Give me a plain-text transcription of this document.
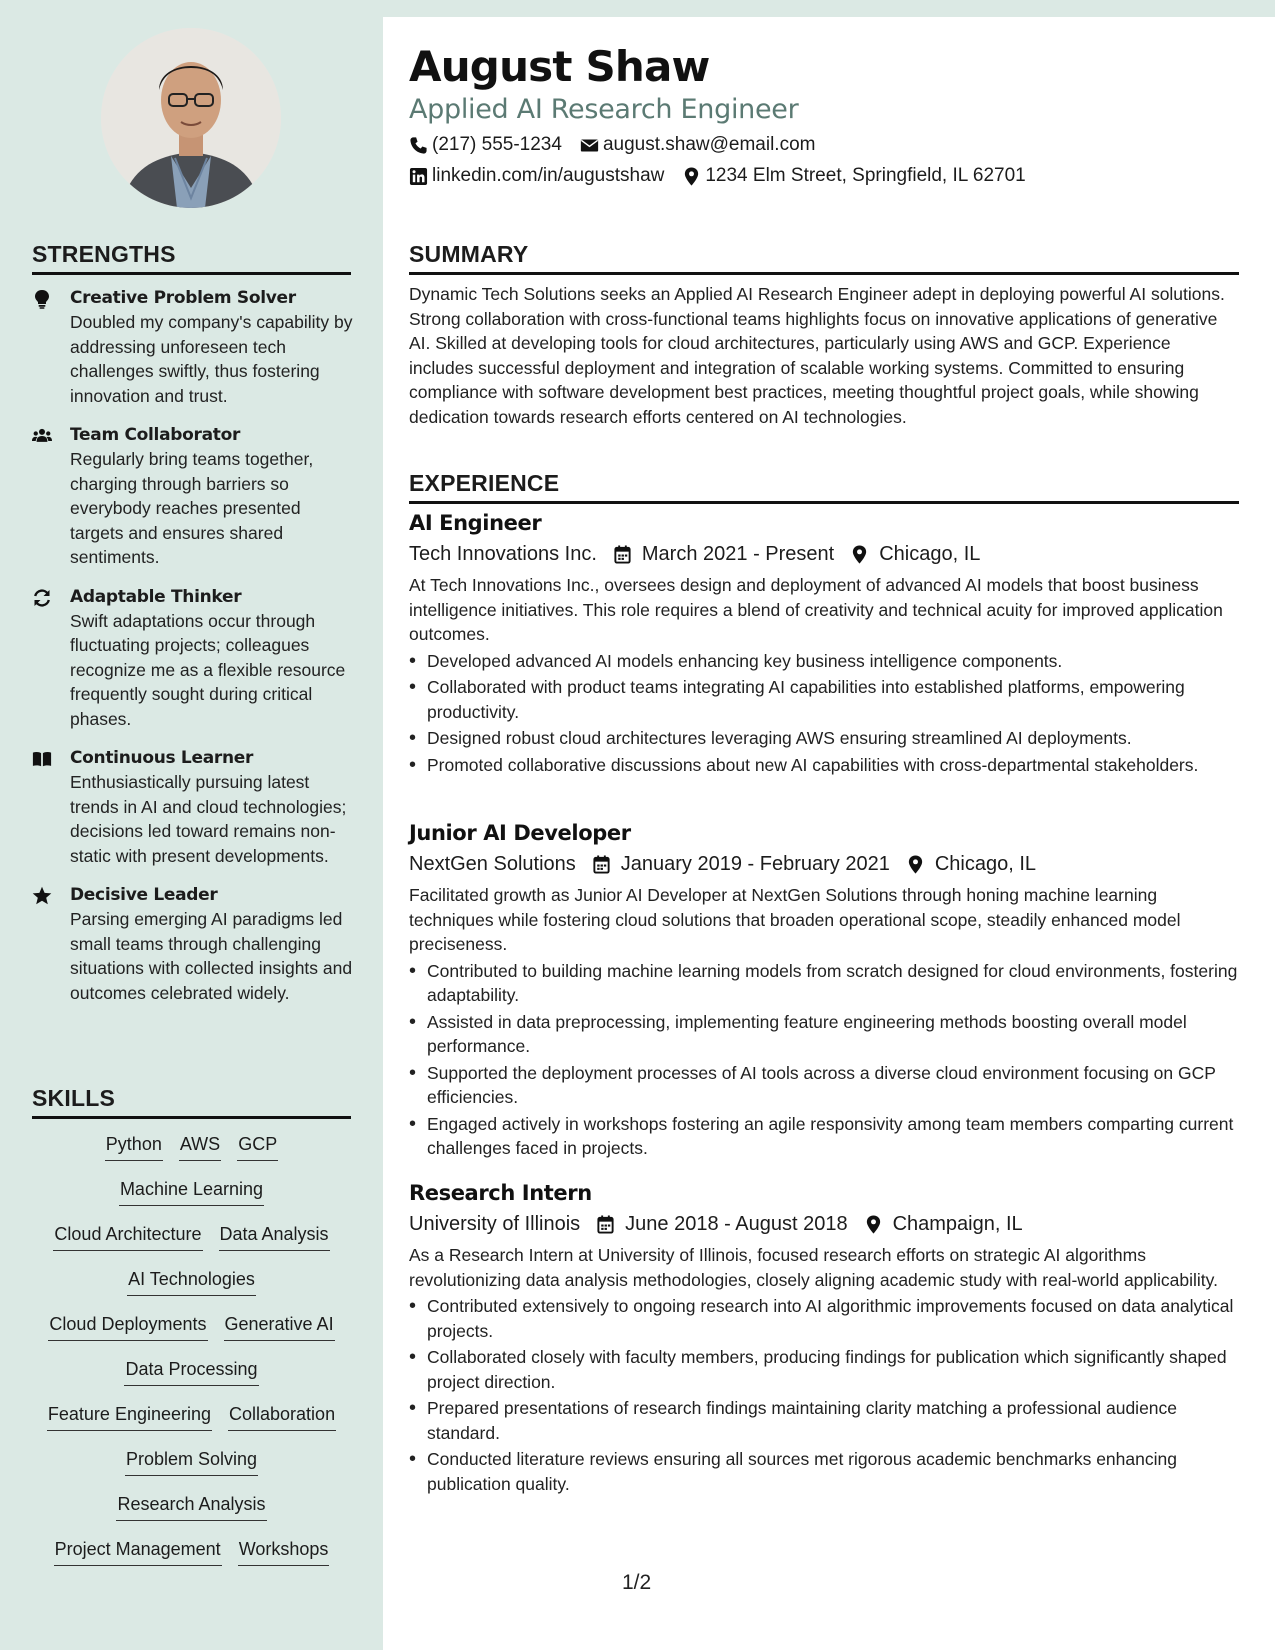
STRENGTHS
Creative Problem Solver
Doubled my company's capability by addressing unforeseen tech challenges swiftly, thus fostering innovation and trust.
Team Collaborator
Regularly bring teams together, charging through barriers so everybody reaches presented targets and ensures shared sentiments.
Adaptable Thinker
Swift adaptations occur through fluctuating projects; colleagues recognize me as a flexible resource frequently sought during critical phases.
Continuous Learner
Enthusiastically pursuing latest trends in AI and cloud technologies; decisions led toward remains non-static with present developments.
Decisive Leader
Parsing emerging AI paradigms led small teams through challenging situations with collected insights and outcomes celebrated widely.
SKILLS
Python AWS GCP
Machine Learning
Cloud Architecture Data Analysis
AI Technologies
Cloud Deployments Generative AI
Data Processing
Feature Engineering Collaboration
Problem Solving
Research Analysis
Project Management Workshops
August Shaw
Applied AI Research Engineer
(217) 555-1234 august.shaw@email.com
linkedin.com/in/augustshaw 1234 Elm Street, Springfield, IL 62701
SUMMARY
Dynamic Tech Solutions seeks an Applied AI Research Engineer adept in deploying powerful AI solutions. Strong collaboration with cross-functional teams highlights focus on innovative applications of generative AI. Skilled at developing tools for cloud architectures, particularly using AWS and GCP. Experience includes successful deployment and integration of scalable working systems. Committed to ensuring compliance with software development best practices, meeting thoughtful project goals, while showing dedication towards research efforts centered on AI technologies.
EXPERIENCE
AI Engineer
Tech Innovations Inc. March 2021 - Present Chicago, IL
At Tech Innovations Inc., oversees design and deployment of advanced AI models that boost business intelligence initiatives. This role requires a blend of creativity and technical acuity for improved application outcomes.
• Developed advanced AI models enhancing key business intelligence components.
• Collaborated with product teams integrating AI capabilities into established platforms, empowering productivity.
• Designed robust cloud architectures leveraging AWS ensuring streamlined AI deployments.
• Promoted collaborative discussions about new AI capabilities with cross-departmental stakeholders.
Junior AI Developer
NextGen Solutions January 2019 - February 2021 Chicago, IL
Facilitated growth as Junior AI Developer at NextGen Solutions through honing machine learning techniques while fostering cloud solutions that broaden operational scope, steadily enhanced model preciseness.
• Contributed to building machine learning models from scratch designed for cloud environments, fostering adaptability.
• Assisted in data preprocessing, implementing feature engineering methods boosting overall model performance.
• Supported the deployment processes of AI tools across a diverse cloud environment focusing on GCP efficiencies.
• Engaged actively in workshops fostering an agile responsivity among team members comparting current challenges faced in projects.
Research Intern
University of Illinois June 2018 - August 2018 Champaign, IL
As a Research Intern at University of Illinois, focused research efforts on strategic AI algorithms revolutionizing data analysis methodologies, closely aligning academic study with real-world applicability.
• Contributed extensively to ongoing research into AI algorithmic improvements focused on data analytical projects.
• Collaborated closely with faculty members, producing findings for publication which significantly shaped project direction.
• Prepared presentations of research findings maintaining clarity matching a professional audience standard.
• Conducted literature reviews ensuring all sources met rigorous academic benchmarks enhancing publication quality.
1/2
